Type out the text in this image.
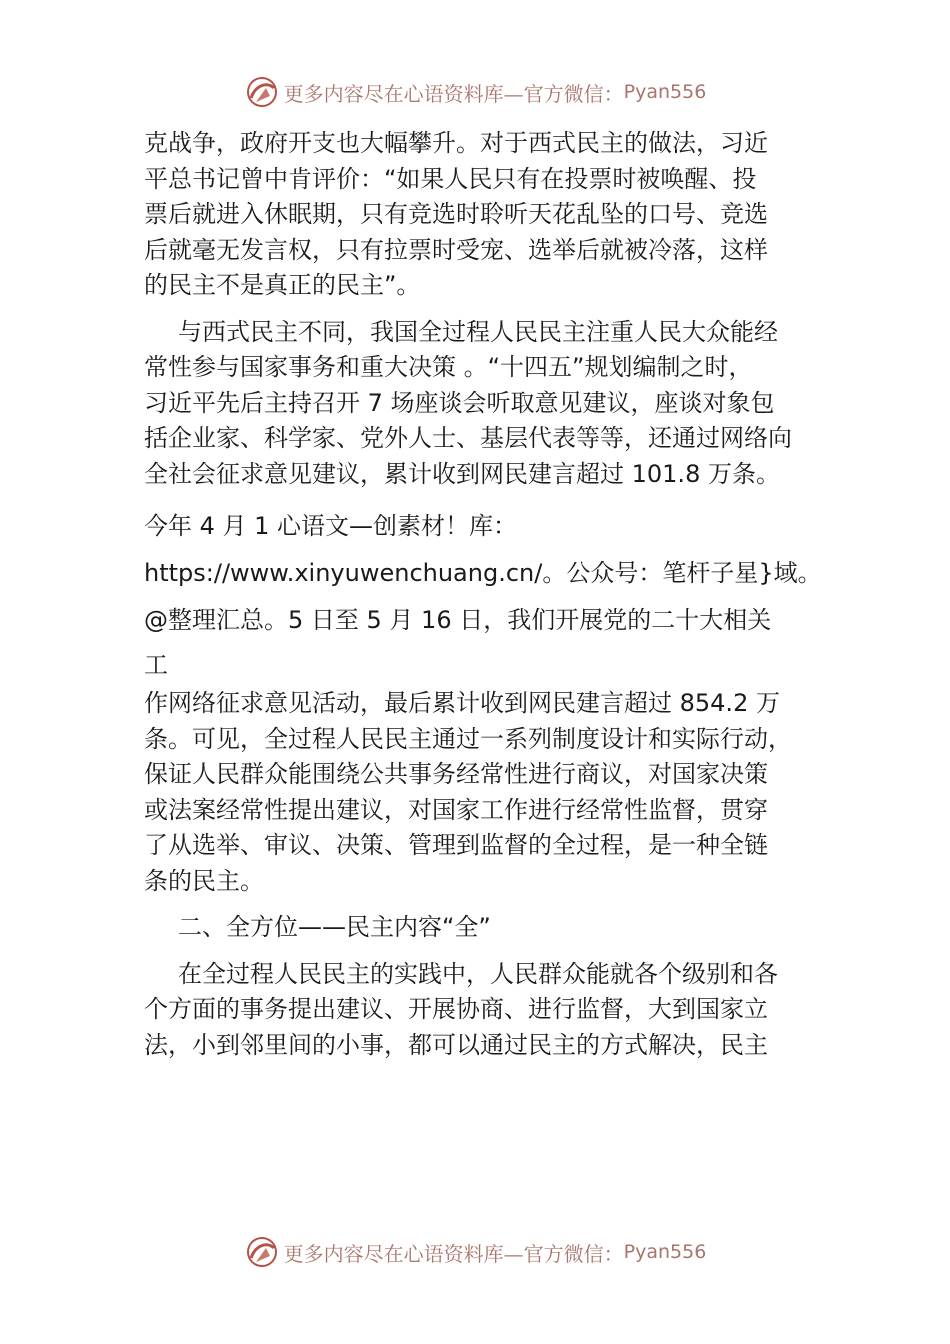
更多内容尽在心语资料库—官方微信： Pyan556
克战争，政府开支也大幅攀升。对于西式民主的做法，习近
平总书记曾中肯评价：“如果人民只有在投票时被唤醒、投
票后就进入休眠期，只有竞选时聆听天花乱坠的口号、竞选
后就毫无发言权，只有拉票时受宠、选举后就被冷落，这样
的民主不是真正的民主”。
与西式民主不同，我国全过程人民民主注重人民大众能经
常性参与国家事务和重大决策 。“十四五”规划编制之时，
习近平先后主持召开 7 场座谈会听取意见建议，座谈对象包
括企业家、科学家、党外人士、基层代表等等，还通过网络向
全社会征求意见建议，累计收到网民建言超过 101.8 万条。
今年 4 月 1 心语文—创素材！库：
https://www.xinyuwenchuang.cn/。公众号：笔杆子星}域。
@整理汇总。5 日至 5 月 16 日，我们开展党的二十大相关
工
作网络征求意见活动，最后累计收到网民建言超过 854.2 万
条。可见，全过程人民民主通过一系列制度设计和实际行动，
保证人民群众能围绕公共事务经常性进行商议，对国家决策
或法案经常性提出建议，对国家工作进行经常性监督，贯穿
了从选举、审议、决策、管理到监督的全过程，是一种全链
条的民主。
二、全方位——民主内容“全”
在全过程人民民主的实践中，人民群众能就各个级别和各
个方面的事务提出建议、开展协商、进行监督，大到国家立
法，小到邻里间的小事，都可以通过民主的方式解决，民主
更多内容尽在心语资料库—官方微信： Pyan556
